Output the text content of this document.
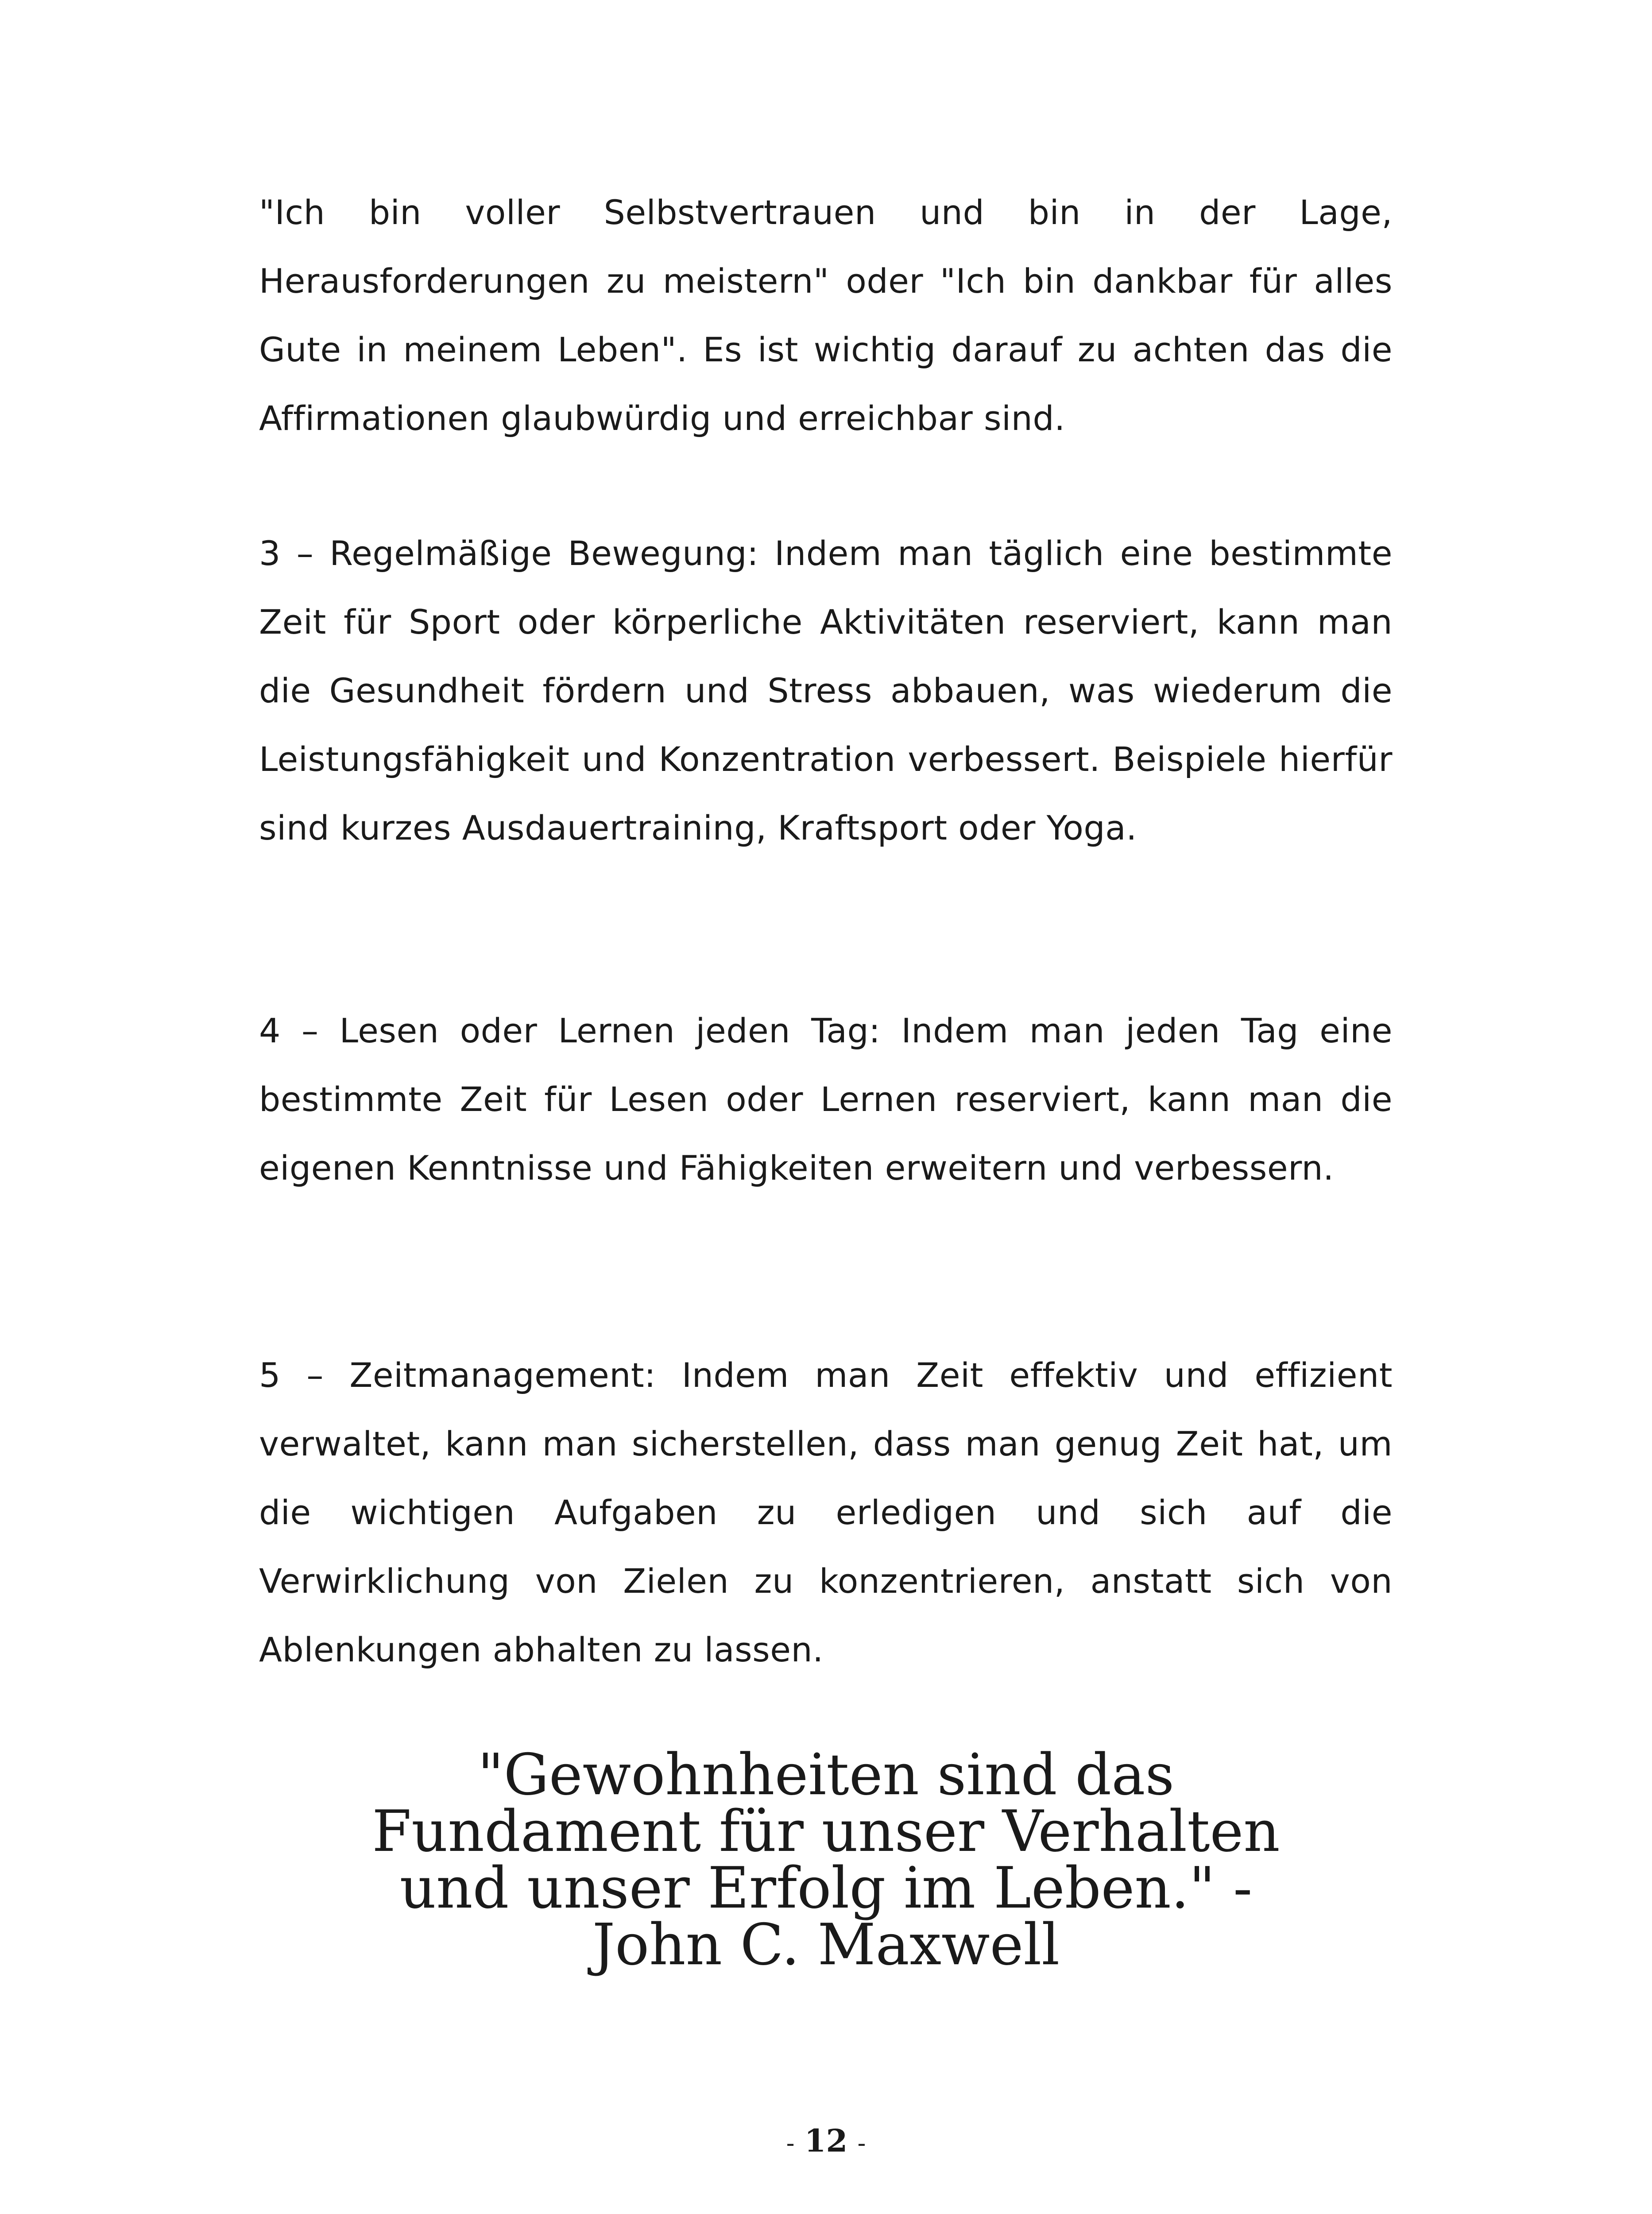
"Ich bin voller Selbstvertrauen und bin in der Lage, Herausforderungen zu meistern" oder "Ich bin dankbar für alles Gute in meinem Leben". Es ist wichtig darauf zu achten das die Affirmationen glaubwürdig und erreichbar sind.

3 – Regelmäßige Bewegung: Indem man täglich eine bestimmte Zeit für Sport oder körperliche Aktivitäten reserviert, kann man die Gesundheit fördern und Stress abbauen, was wiederum die Leistungsfähigkeit und Konzentration verbessert. Beispiele hierfür sind kurzes Ausdauertraining, Kraftsport oder Yoga.

4 – Lesen oder Lernen jeden Tag: Indem man jeden Tag eine bestimmte Zeit für Lesen oder Lernen reserviert, kann man die eigenen Kenntnisse und Fähigkeiten erweitern und verbessern.

5 – Zeitmanagement: Indem man Zeit effektiv und effizient verwaltet, kann man sicherstellen, dass man genug Zeit hat, um die wichtigen Aufgaben zu erledigen und sich auf die Verwirklichung von Zielen zu konzentrieren, anstatt sich von Ablenkungen abhalten zu lassen.

"Gewohnheiten sind das
Fundament für unser Verhalten
und unser Erfolg im Leben." -
John C. Maxwell
- 12 -
